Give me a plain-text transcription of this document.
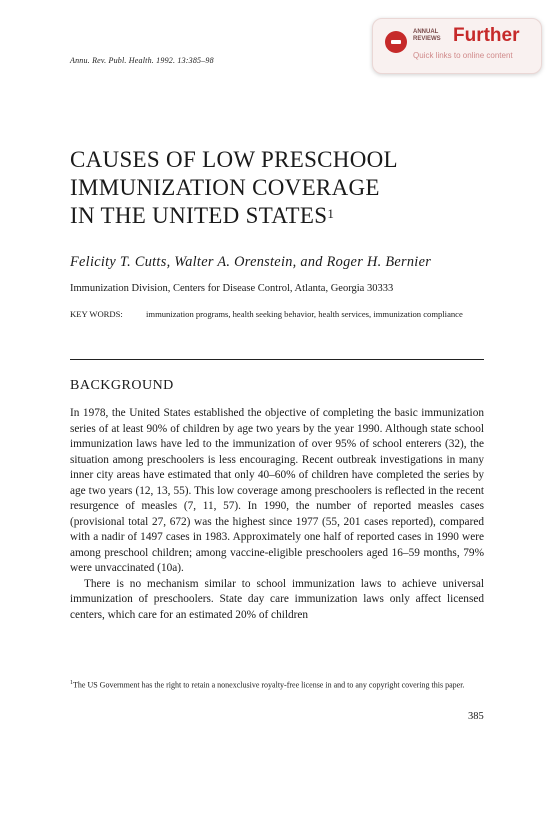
Annu. Rev. Publ. Health. 1992. 13:385–98
ANNUAL
REVIEWS Further
Quick links to online content
CAUSES OF LOW PRESCHOOL
IMMUNIZATION COVERAGE
IN THE UNITED STATES$^1$
Felicity T. Cutts, Walter A. Orenstein, and Roger H. Bernier
Immunization Division, Centers for Disease Control, Atlanta, Georgia 30333
KEY WORDS:	immunization programs, health seeking behavior, health services, immunization compliance
BACKGROUND

In 1978, the United States established the objective of completing the basic immunization series of at least 90% of children by age two years by the year 1990. Although state school immunization laws have led to the immunization of over 95% of school enterers (32), the situation among preschoolers is less encouraging. Recent outbreak investigations in many inner city areas have estimated that only 40–60% of children have completed the series by age two years (12, 13, 55). This low coverage among preschoolers is reflected in the recent resurgence of measles (7, 11, 57). In 1990, the number of reported measles cases (provisional total 27, 672) was the highest since 1977 (55, 201 cases reported), compared with a nadir of 1497 cases in 1983. Approximately one half of reported cases in 1990 were among preschool children; among vaccine-eligible preschoolers aged 16–59 months, 79% were unvaccinated (10a).

There is no mechanism similar to school immunization laws to achieve universal immunization of preschoolers. State day care immunization laws only affect licensed centers, which care for an estimated 20% of children

$^1$The US Government has the right to retain a nonexclusive royalty-free license in and to any copyright covering this paper.
385
